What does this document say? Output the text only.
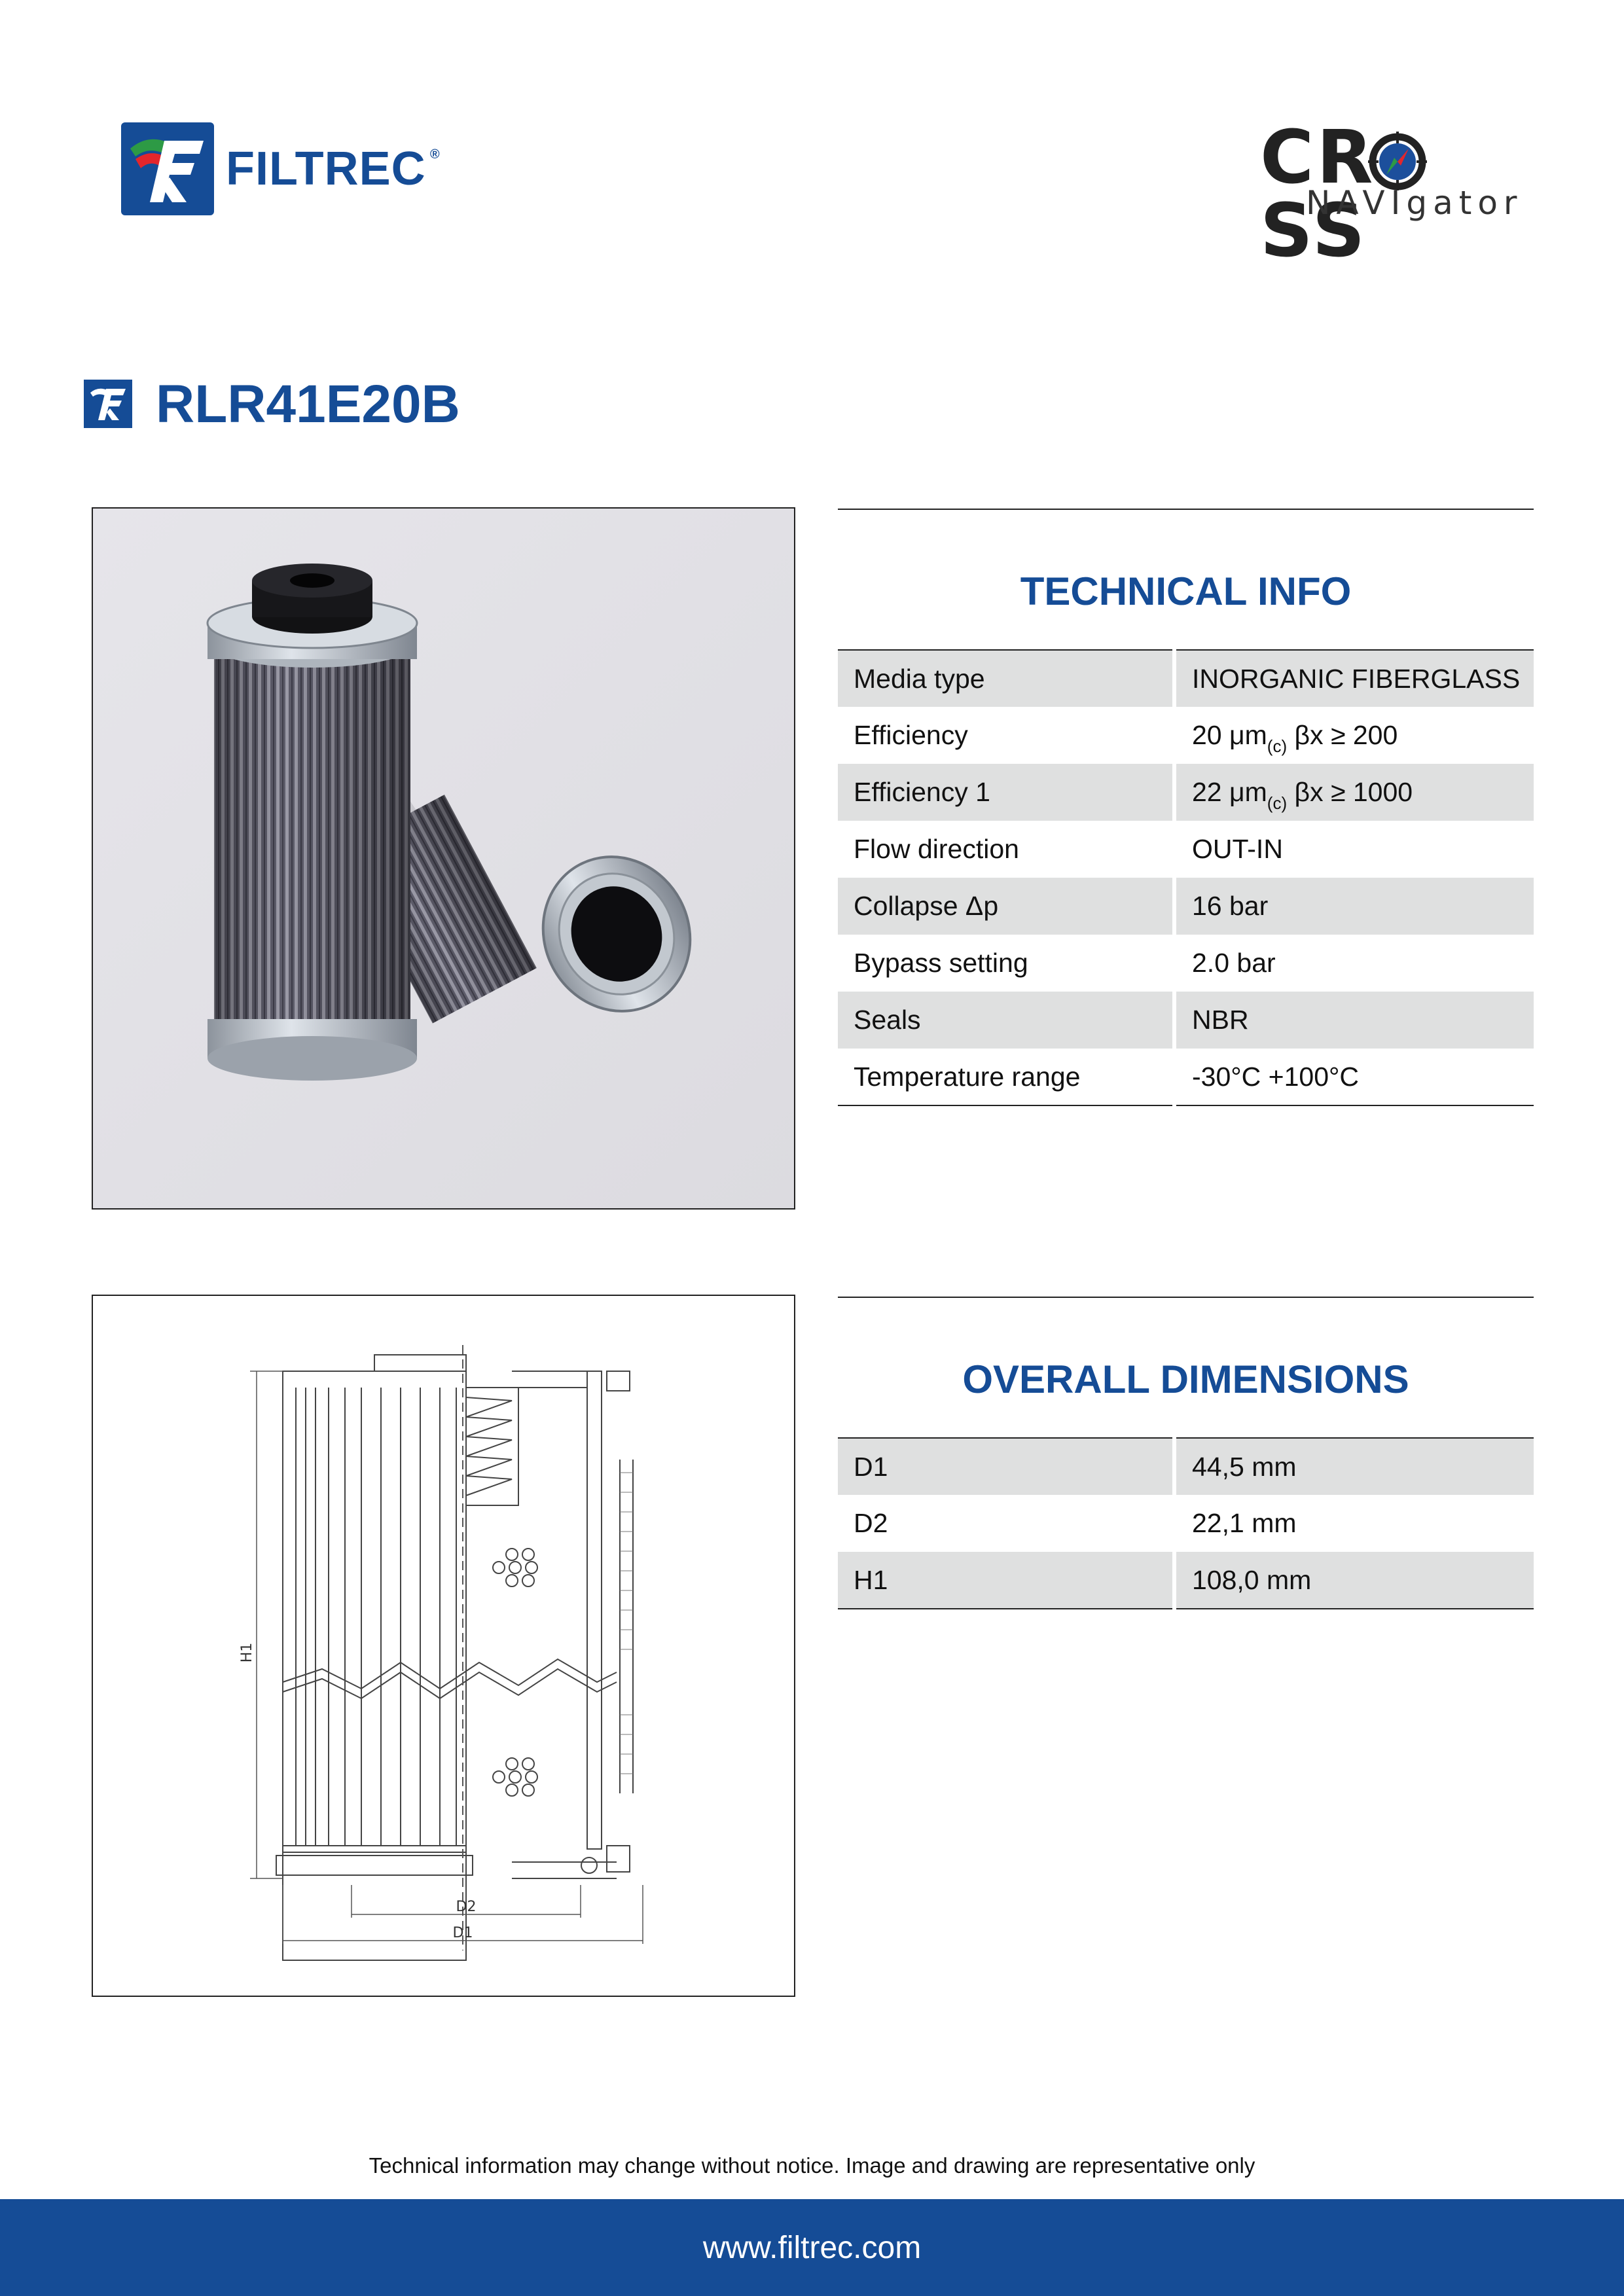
FILTREC ®	CRSS
NAVIgator
RLR41E20B
TECHNICAL INFO
Media type	INORGANIC FIBERGLASS
Efficiency	20 $\mu m_{(c)}$ βx ≥ 200
Efficiency 1	22 $\mu m_{(c)}$ βx ≥ 1000
Flow direction	OUT-IN
Collapse Δp	16 bar
Bypass setting	2.0 bar
Seals	NBR
Temperature range	-30°C +100°C
H1
D2
D1
OVERALL DIMENSIONS
D1	44,5 mm
D2	22,1 mm
H1	108,0 mm
Technical information may change without notice. Image and drawing are representative only
www.filtrec.com
